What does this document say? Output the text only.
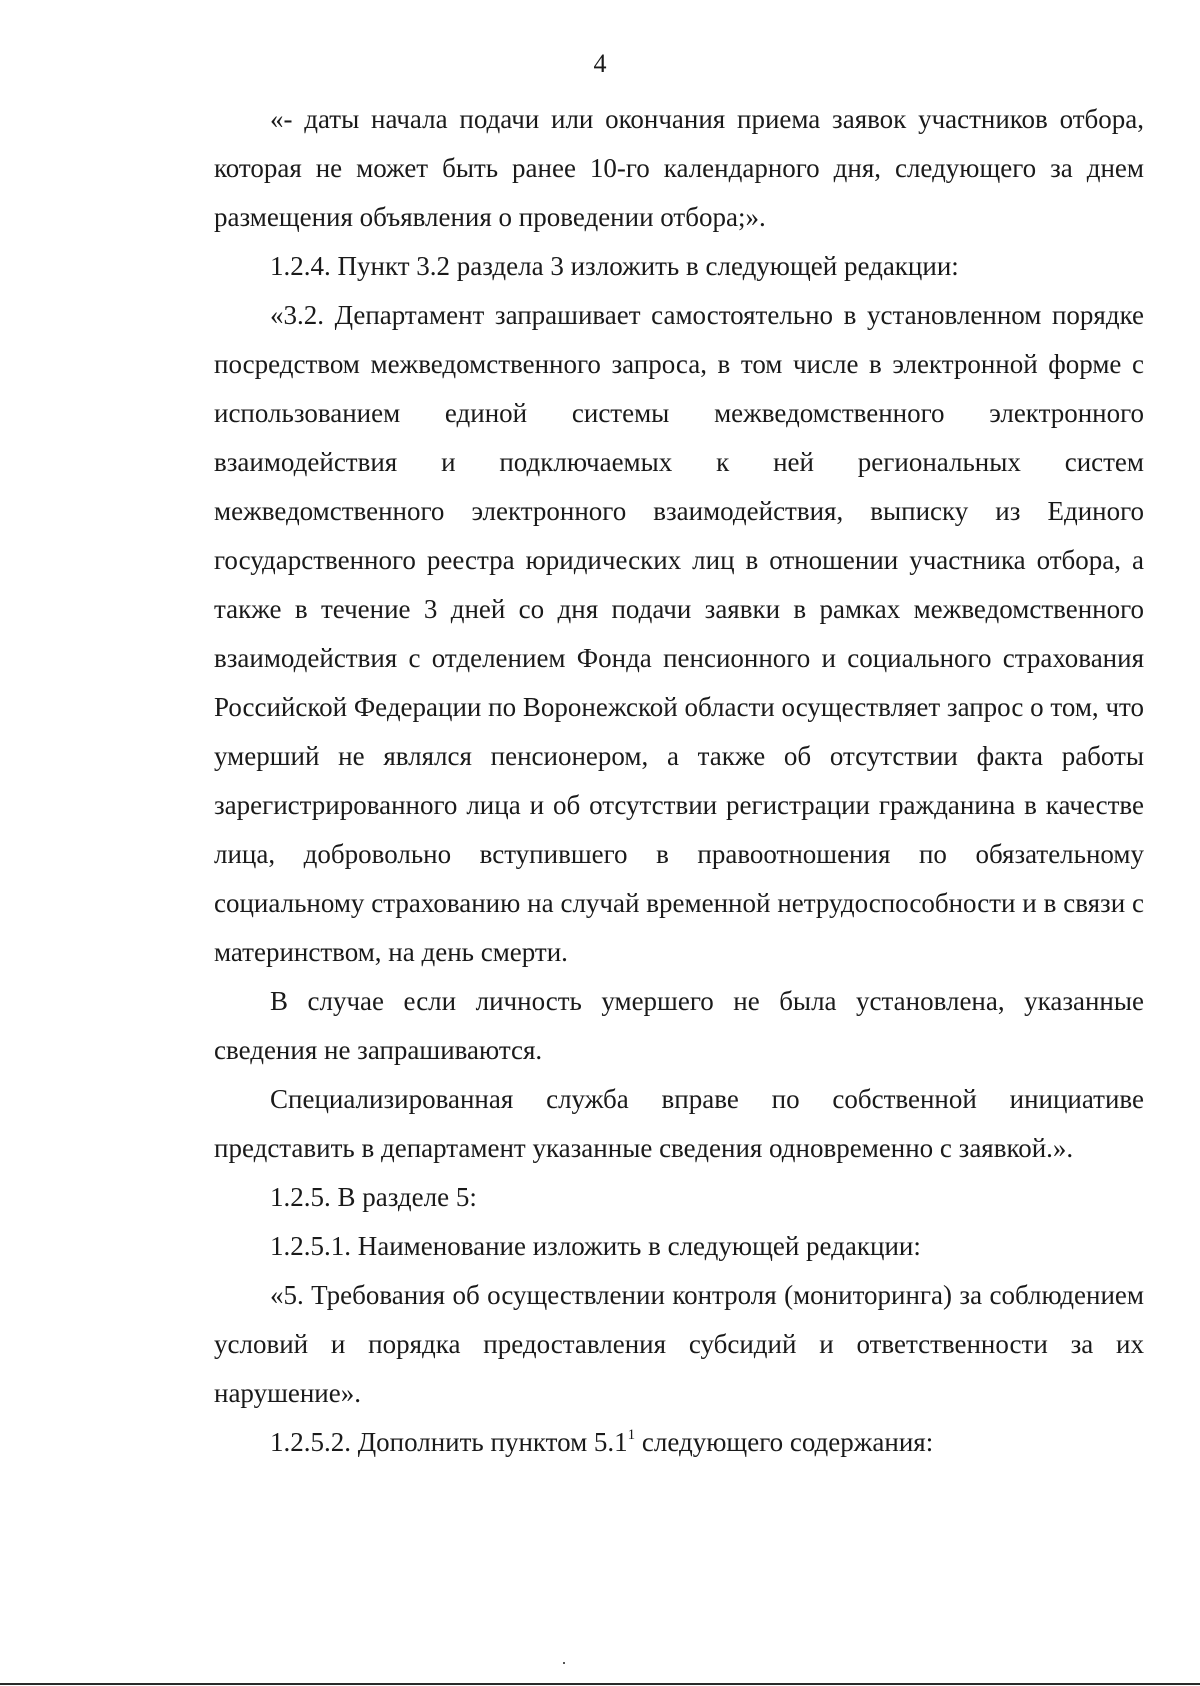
4

«- даты начала подачи или окончания приема заявок участников отбора, которая не может быть ранее 10-го календарного дня, следующего за днем размещения объявления о проведении отбора;».

1.2.4. Пункт 3.2 раздела 3 изложить в следующей редакции:

«3.2. Департамент запрашивает самостоятельно в установленном порядке посредством межведомственного запроса, в том числе в электронной форме с использованием единой системы межведомственного электронного взаимодействия и подключаемых к ней региональных систем межведомственного электронного взаимодействия, выписку из Единого государственного реестра юридических лиц в отношении участника отбора, а также в течение 3 дней со дня подачи заявки в рамках межведомственного взаимодействия с отделением Фонда пенсионного и социального страхования Российской Федерации по Воронежской области осуществляет запрос о том, что умерший не являлся пенсионером, а также об отсутствии факта работы зарегистрированного лица и об отсутствии регистрации гражданина в качестве лица, добровольно вступившего в правоотношения по обязательному социальному страхованию на случай временной нетрудоспособности и в связи с материнством, на день смерти.

В случае если личность умершего не была установлена, указанные сведения не запрашиваются.

Специализированная служба вправе по собственной инициативе представить в департамент указанные сведения одновременно с заявкой.».

1.2.5. В разделе 5:

1.2.5.1. Наименование изложить в следующей редакции:

«5. Требования об осуществлении контроля (мониторинга) за соблюдением условий и порядка предоставления субсидий и ответственности за их нарушение».

1.2.5.2. Дополнить пунктом $5.1^1$ следующего содержания:
